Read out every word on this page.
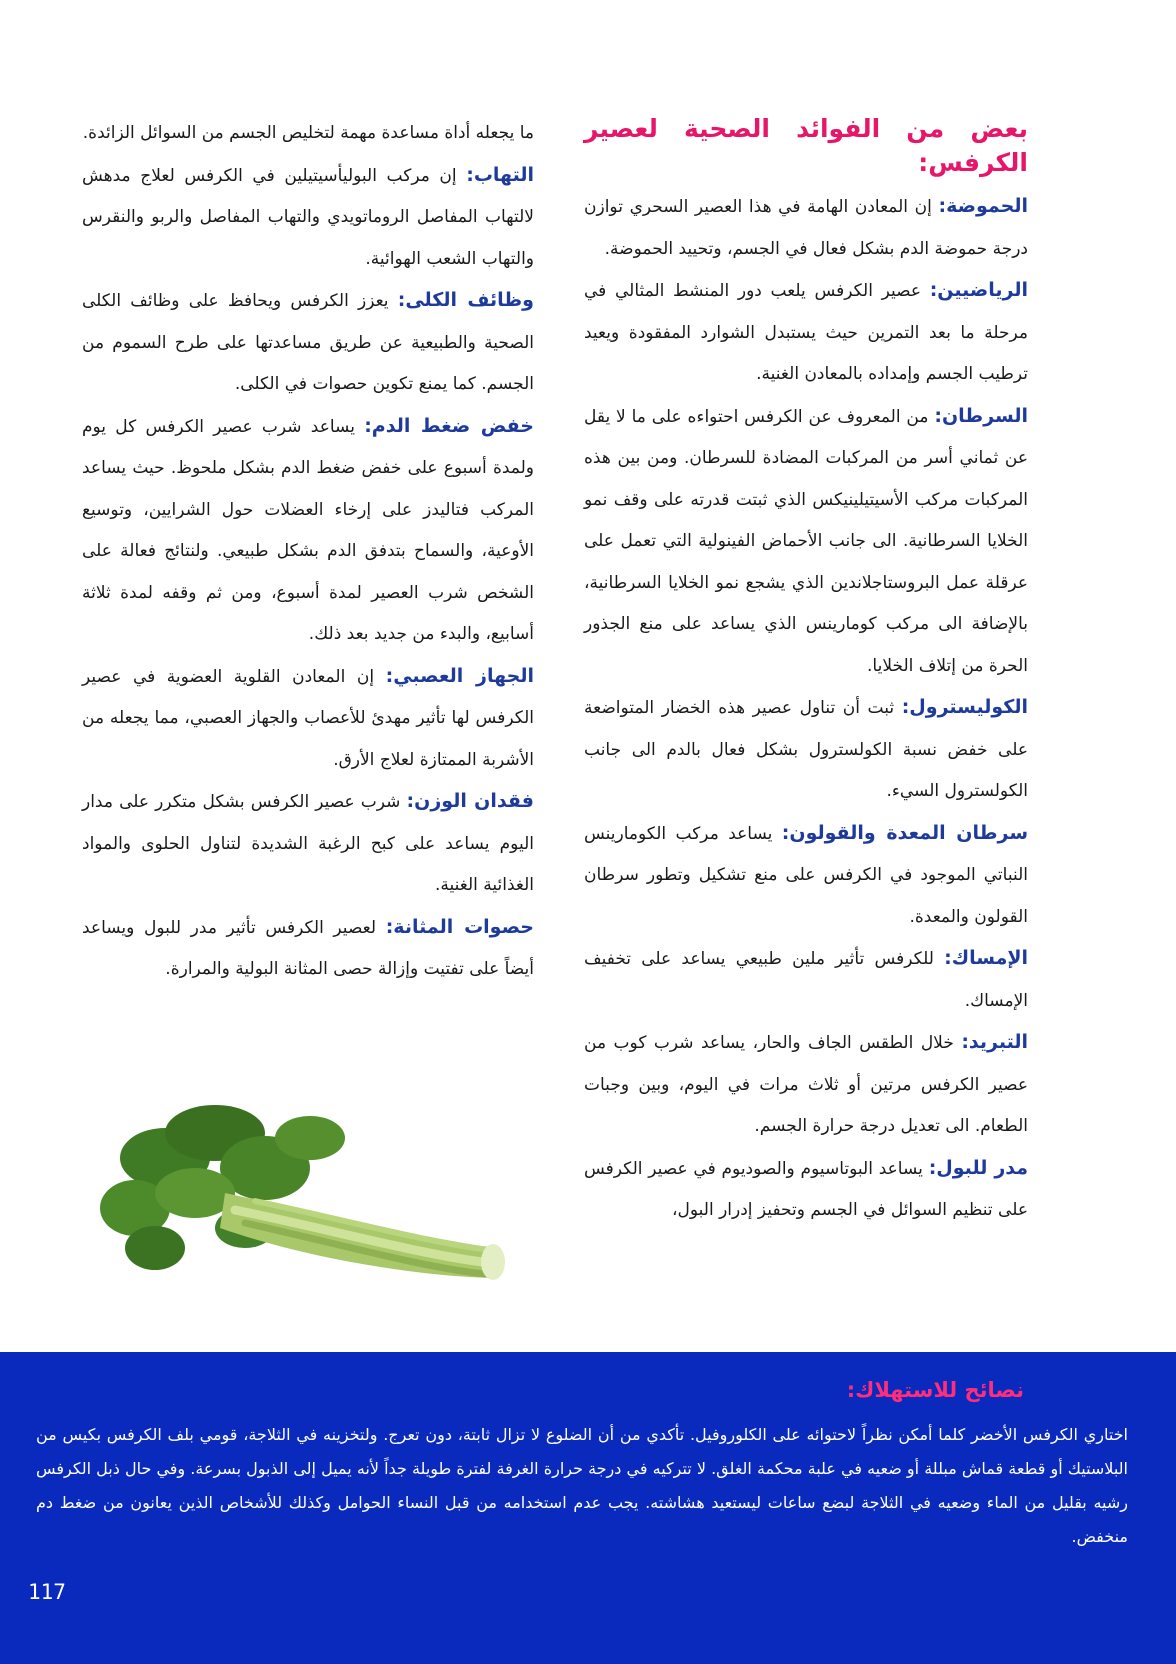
بعض من الفوائد الصحية لعصير الكرفس:

الحموضة: إن المعادن الهامة في هذا العصير السحري توازن درجة حموضة الدم بشكل فعال في الجسم، وتحييد الحموضة.

الرياضيين: عصير الكرفس يلعب دور المنشط المثالي في مرحلة ما بعد التمرين حيث يستبدل الشوارد المفقودة ويعيد ترطيب الجسم وإمداده بالمعادن الغنية.

السرطان: من المعروف عن الكرفس احتواءه على ما لا يقل عن ثماني أسر من المركبات المضادة للسرطان. ومن بين هذه المركبات مركب الأسيتيلينيكس الذي ثبتت قدرته على وقف نمو الخلايا السرطانية. الى جانب الأحماض الفينولية التي تعمل على عرقلة عمل البروستاجلاندين الذي يشجع نمو الخلايا السرطانية، بالإضافة الى مركب كومارينس الذي يساعد على منع الجذور الحرة من إتلاف الخلايا.

الكوليسترول: ثبت أن تناول عصير هذه الخضار المتواضعة على خفض نسبة الكولسترول بشكل فعال بالدم الى جانب الكولسترول السيء.

سرطان المعدة والقولون: يساعد مركب الكومارينس النباتي الموجود في الكرفس على منع تشكيل وتطور سرطان القولون والمعدة.

الإمساك: للكرفس تأثير ملين طبيعي يساعد على تخفيف الإمساك.

التبريد: خلال الطقس الجاف والحار، يساعد شرب كوب من عصير الكرفس مرتين أو ثلاث مرات في اليوم، وبين وجبات الطعام. الى تعديل درجة حرارة الجسم.

مدر للبول: يساعد البوتاسيوم والصوديوم في عصير الكرفس على تنظيم السوائل في الجسم وتحفيز إدرار البول،

ما يجعله أداة مساعدة مهمة لتخليص الجسم من السوائل الزائدة.

التهاب: إن مركب البوليأسيتيلين في الكرفس لعلاج مدهش لالتهاب المفاصل الروماتويدي والتهاب المفاصل والربو والنقرس والتهاب الشعب الهوائية.

وظائف الكلى: يعزز الكرفس ويحافظ على وظائف الكلى الصحية والطبيعية عن طريق مساعدتها على طرح السموم من الجسم. كما يمنع تكوين حصوات في الكلى.

خفض ضغط الدم: يساعد شرب عصير الكرفس كل يوم ولمدة أسبوع على خفض ضغط الدم بشكل ملحوظ. حيث يساعد المركب فتاليدز على إرخاء العضلات حول الشرايين، وتوسيع الأوعية، والسماح بتدفق الدم بشكل طبيعي. ولنتائج فعالة على الشخص شرب العصير لمدة أسبوع، ومن ثم وقفه لمدة ثلاثة أسابيع، والبدء من جديد بعد ذلك.

الجهاز العصبي: إن المعادن القلوية العضوية في عصير الكرفس لها تأثير مهدئ للأعصاب والجهاز العصبي، مما يجعله من الأشربة الممتازة لعلاج الأرق.

فقدان الوزن: شرب عصير الكرفس بشكل متكرر على مدار اليوم يساعد على كبح الرغبة الشديدة لتناول الحلوى والمواد الغذائية الغنية.

حصوات المثانة: لعصير الكرفس تأثير مدر للبول ويساعد أيضاً على تفتيت وإزالة حصى المثانة البولية والمرارة.

نصائح للاستهلاك:
اختاري الكرفس الأخضر كلما أمكن نظراً لاحتوائه على الكلوروفيل. تأكدي من أن الضلوع لا تزال ثابتة، دون تعرج. ولتخزينه في الثلاجة، قومي بلف الكرفس بكيس من البلاستيك أو قطعة قماش مبللة أو ضعيه في علبة محكمة الغلق. لا تتركيه في درجة حرارة الغرفة لفترة طويلة جداً لأنه يميل إلى الذبول بسرعة. وفي حال ذبل الكرفس رشيه بقليل من الماء وضعيه في الثلاجة لبضع ساعات ليستعيد هشاشته. يجب عدم استخدامه من قبل النساء الحوامل وكذلك للأشخاص الذين يعانون من ضغط دم منخفض.
117
